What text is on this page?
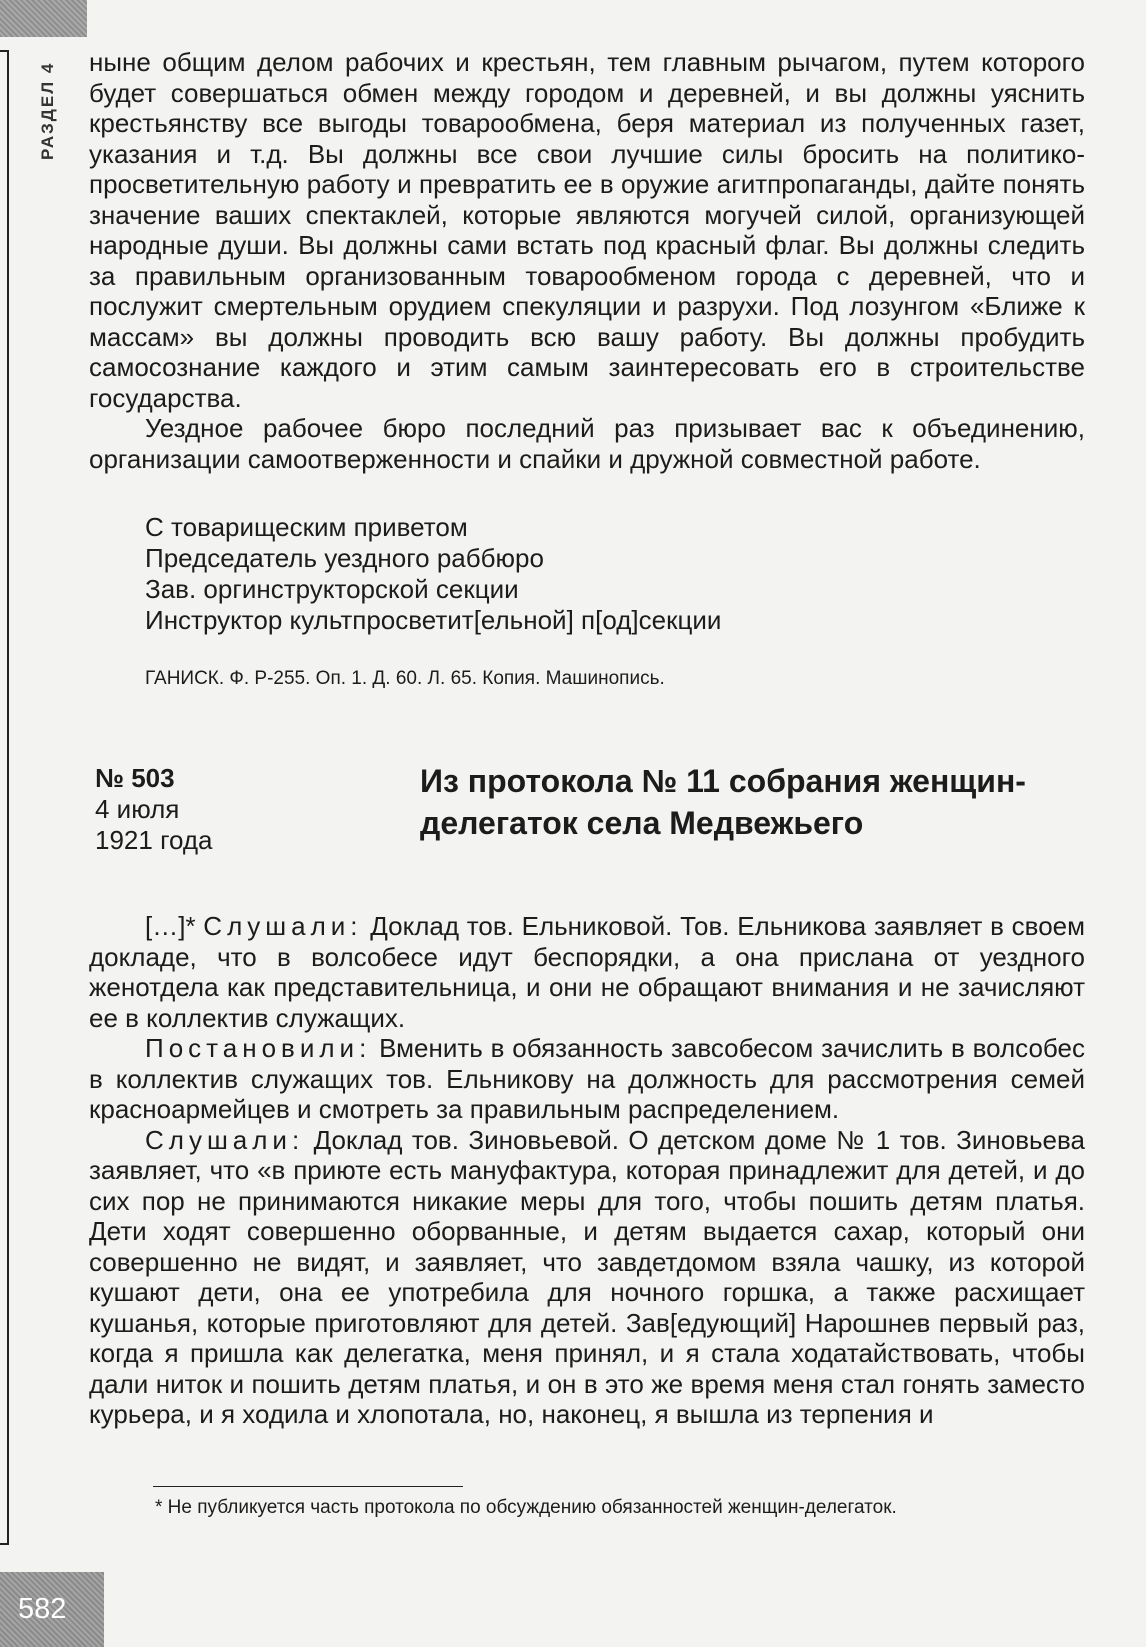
РАЗДЕЛ 4 ныне общим делом рабочих и крестьян, тем главным рычагом, путем которого будет совершаться обмен между городом и деревней, и вы должны уяснить крестьянству все выгоды товарообмена, беря материал из полученных газет, указания и т.д. Вы должны все свои лучшие силы бросить на политико-просветительную работу и превратить ее в оружие агитпропаганды, дайте понять значение ваших спектаклей, которые являются могучей силой, организующей народные души. Вы должны сами встать под красный флаг. Вы должны следить за правильным организованным товарообменом города с деревней, что и послужит смертельным орудием спекуляции и разрухи. Под лозунгом «Ближе к массам» вы должны проводить всю вашу работу. Вы должны пробудить самосознание каждого и этим самым заинтересовать его в строительстве государства.

Уездное рабочее бюро последний раз призывает вас к объединению, организации самоотверженности и спайки и дружной совместной работе.

С товарищеским приветом
Председатель уездного раббюро
Зав. оргинструкторской секции
Инструктор культпросветит[ельной] п[од]секции
ГАНИСК. Ф. Р-255. Оп. 1. Д. 60. Л. 65. Копия. Машинопись.
№ 503
4 июля
1921 года
Из протокола № 11 собрания женщин-делегаток села Медвежьего

[…]* Слушали: Доклад тов. Ельниковой. Тов. Ельникова заявляет в своем докладе, что в волсобесе идут беспорядки, а она прислана от уездного женотдела как представительница, и они не обращают внимания и не зачисляют ее в коллектив служащих.

Постановили: Вменить в обязанность завсобесом зачислить в волсобес в коллектив служащих тов. Ельникову на должность для рассмотрения семей красноармейцев и смотреть за правильным распределением.

Слушали: Доклад тов. Зиновьевой. О детском доме № 1 тов. Зиновьева заявляет, что «в приюте есть мануфактура, которая принадлежит для детей, и до сих пор не принимаются никакие меры для того, чтобы пошить детям платья. Дети ходят совершенно оборванные, и детям выдается сахар, который они совершенно не видят, и заявляет, что завдетдомом взяла чашку, из которой кушают дети, она ее употребила для ночного горшка, а также расхищает кушанья, которые приготовляют для детей. Зав[едующий] Нарошнев первый раз, когда я пришла как делегатка, меня принял, и я стала ходатайствовать, чтобы дали ниток и пошить детям платья, и он в это же время меня стал гонять заместо курьера, и я ходила и хлопотала, но, наконец, я вышла из терпения и

* Не публикуется часть протокола по обсуждению обязанностей женщин-делегаток.
582
